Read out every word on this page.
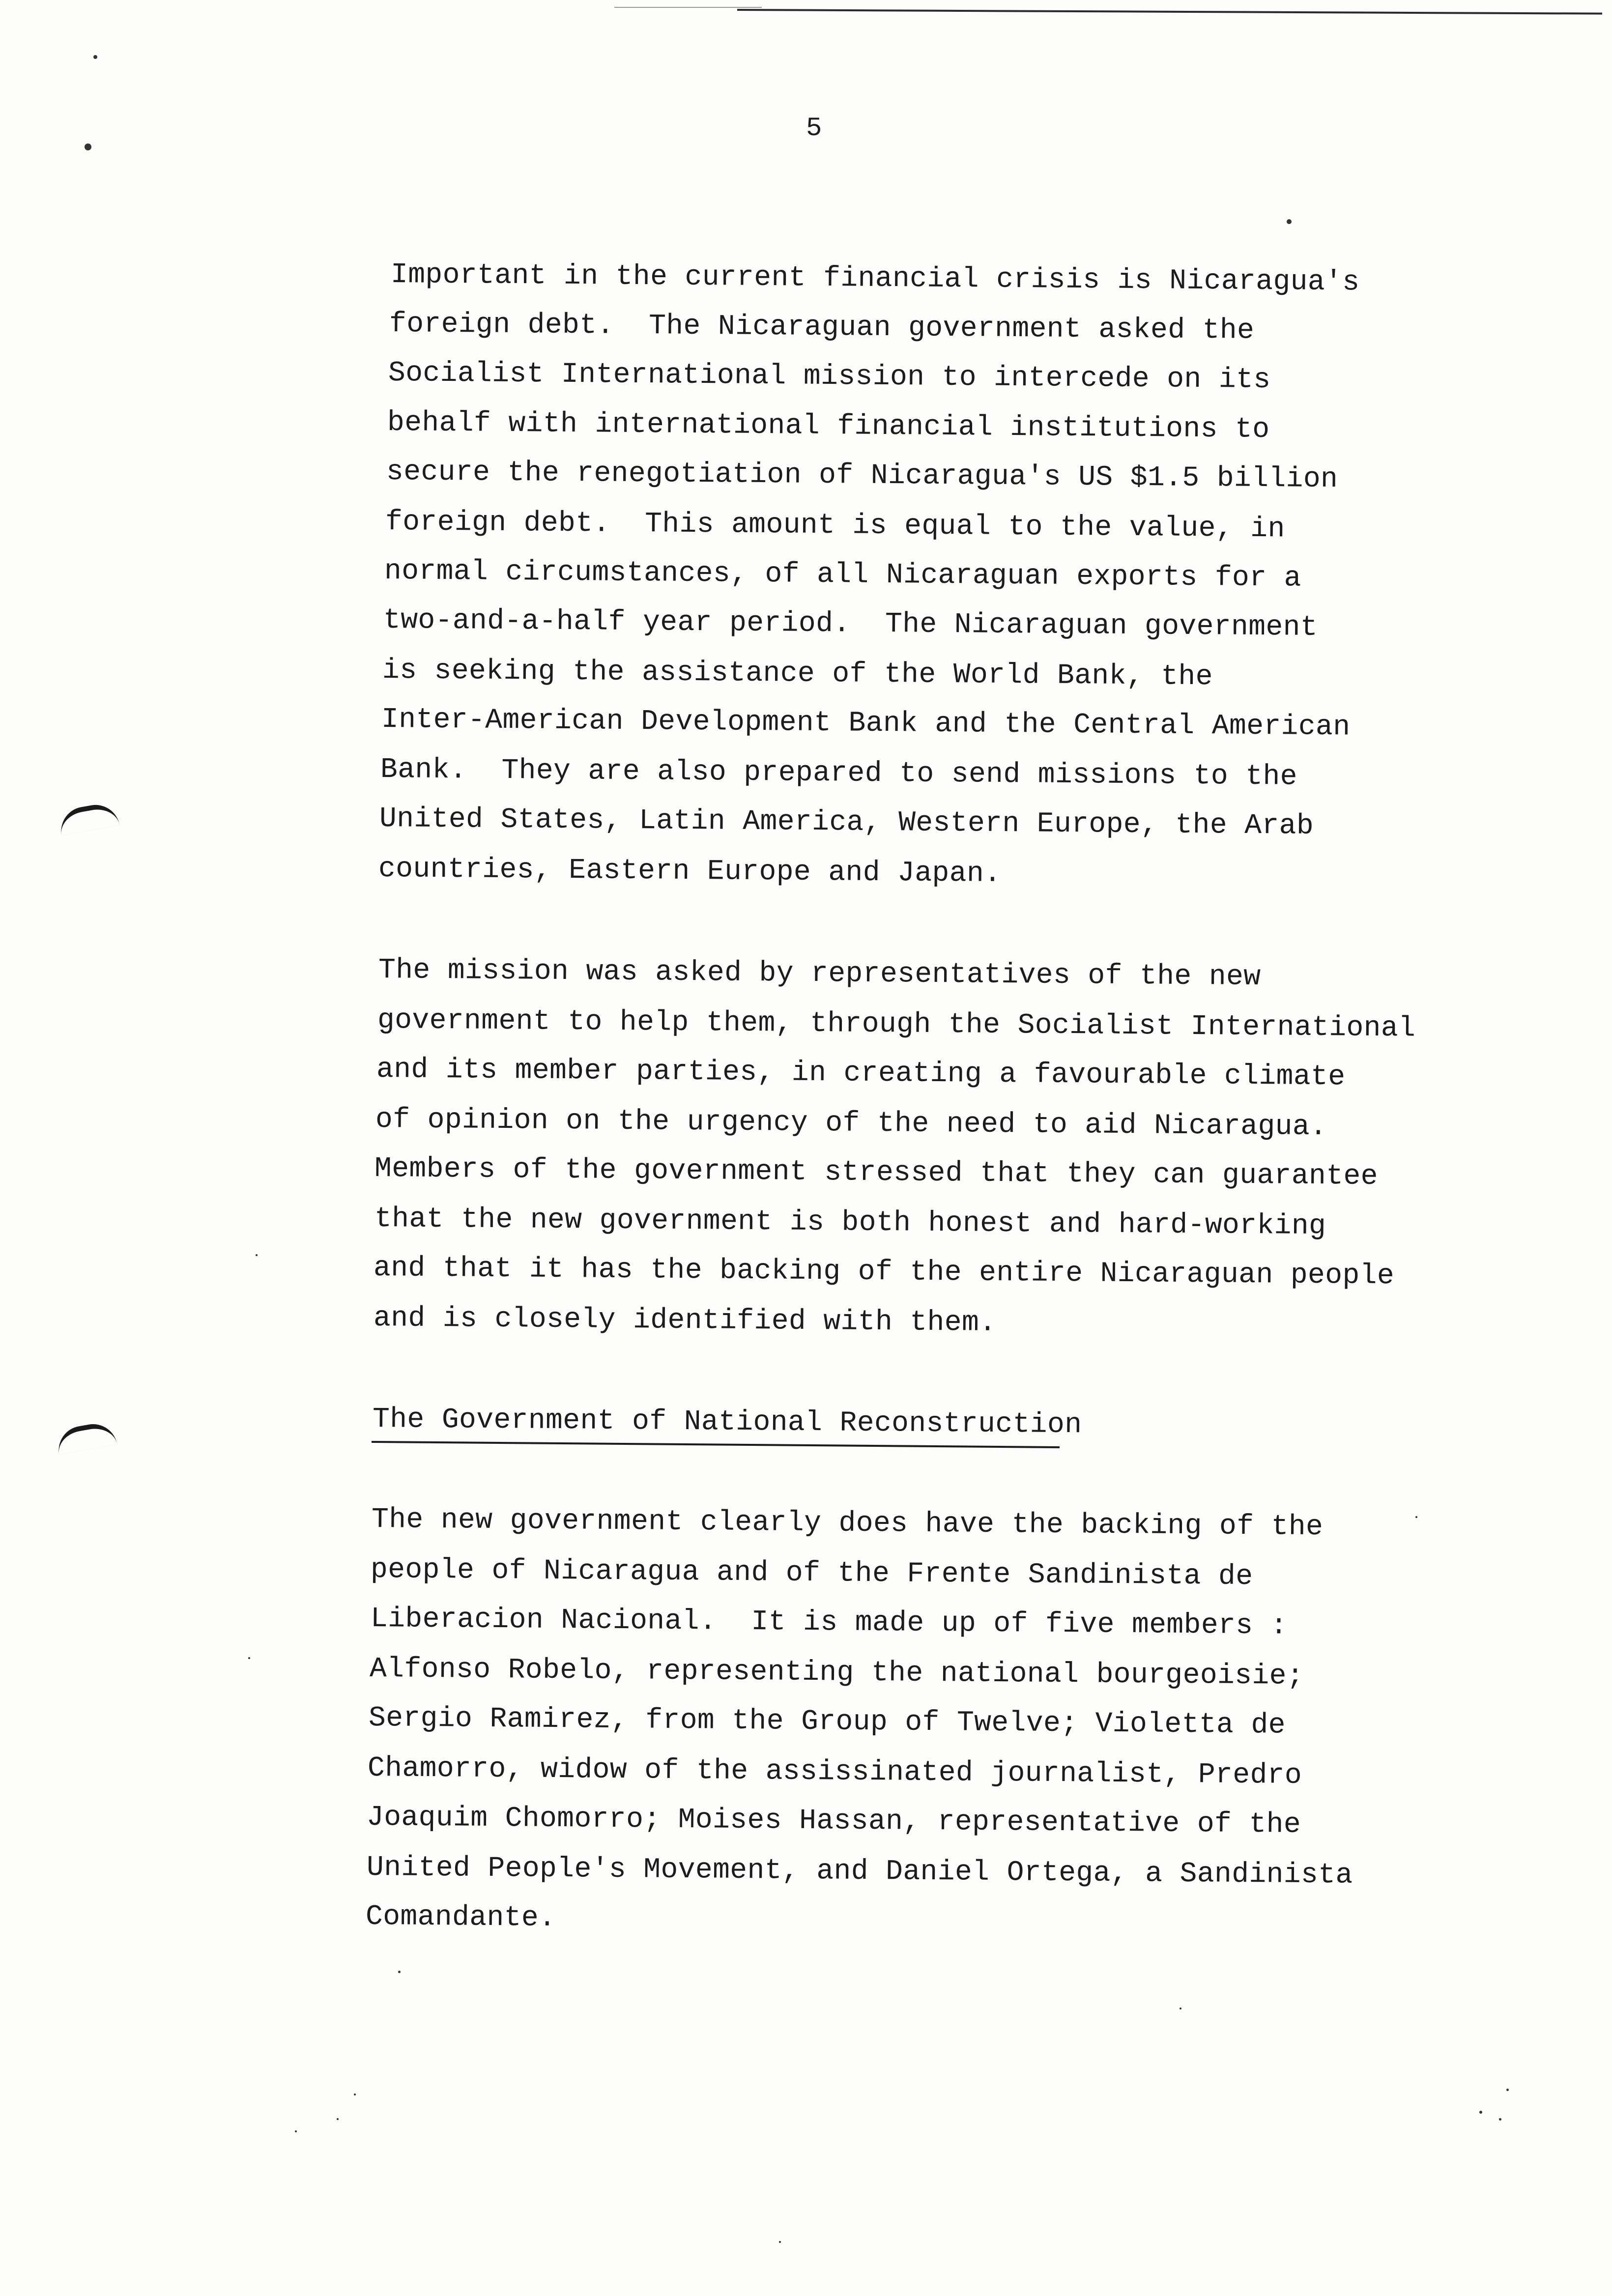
5
Important in the current financial crisis is Nicaragua's
foreign debt.  The Nicaraguan government asked the
Socialist International mission to intercede on its
behalf with international financial institutions to
secure the renegotiation of Nicaragua's US $1.5 billion
foreign debt.  This amount is equal to the value, in
normal circumstances, of all Nicaraguan exports for a
two-and-a-half year period.  The Nicaraguan government
is seeking the assistance of the World Bank, the
Inter-American Development Bank and the Central American
Bank.  They are also prepared to send missions to the
United States, Latin America, Western Europe, the Arab
countries, Eastern Europe and Japan.
The mission was asked by representatives of the new
government to help them, through the Socialist International
and its member parties, in creating a favourable climate
of opinion on the urgency of the need to aid Nicaragua.
Members of the government stressed that they can guarantee
that the new government is both honest and hard-working
and that it has the backing of the entire Nicaraguan people
and is closely identified with them.
The Government of National Reconstruction
The new government clearly does have the backing of the
people of Nicaragua and of the Frente Sandinista de
Liberacion Nacional.  It is made up of five members :
Alfonso Robelo, representing the national bourgeoisie;
Sergio Ramirez, from the Group of Twelve; Violetta de
Chamorro, widow of the assissinated journalist, Predro
Joaquim Chomorro; Moises Hassan, representative of the
United People's Movement, and Daniel Ortega, a Sandinista
Comandante.
